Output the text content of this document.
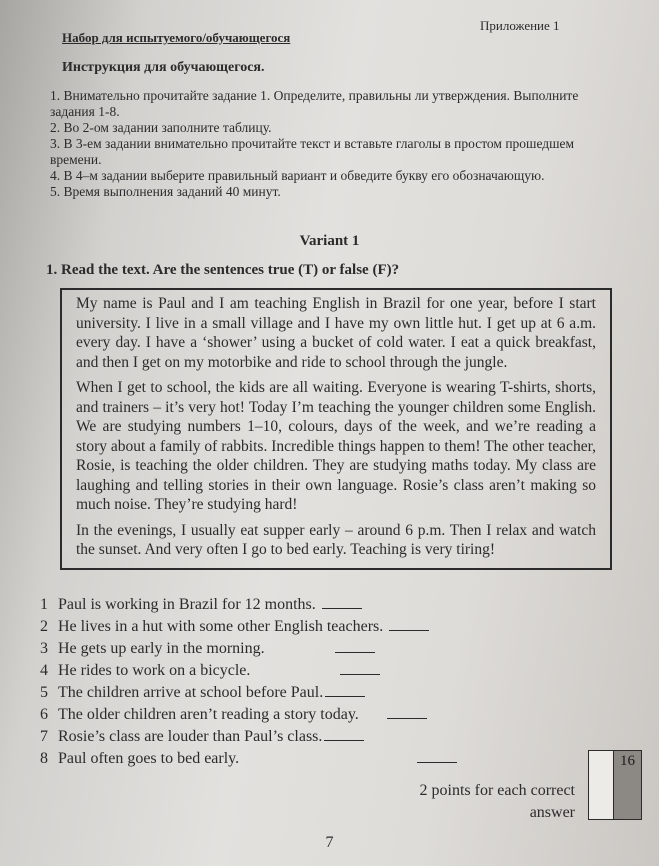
Приложение 1
Набор для испытуемого/обучающегося
Инструкция для обучающегося.
1. Внимательно прочитайте задание 1. Определите, правильны ли утверждения. Выполните задания 1-8.
2. Во 2-ом задании заполните таблицу.
3. В 3-ем задании внимательно прочитайте текст и вставьте глаголы в простом прошедшем времени.
4. В 4–м задании выберите правильный вариант и обведите букву его обозначающую.
5. Время выполнения заданий 40 минут.
Variant 1
1. Read the text. Are the sentences true (T) or false (F)?

My name is Paul and I am teaching English in Brazil for one year, before I start university. I live in a small village and I have my own little hut. I get up at 6 a.m. every day. I have a ‘shower’ using a bucket of cold water. I eat a quick breakfast, and then I get on my motorbike and ride to school through the jungle.

When I get to school, the kids are all waiting. Everyone is wearing T-shirts, shorts, and trainers – it’s very hot! Today I’m teaching the younger children some English. We are studying numbers 1–10, colours, days of the week, and we’re reading a story about a family of rabbits. Incredible things happen to them! The other teacher, Rosie, is teaching the older children. They are studying maths today. My class are laughing and telling stories in their own language. Rosie’s class aren’t making so much noise. They’re studying hard!

In the evenings, I usually eat supper early – around 6 p.m. Then I relax and watch the sunset. And very often I go to bed early. Teaching is very tiring!

1 Paul is working in Brazil for 12 months.
2 He lives in a hut with some other English teachers.
3 He gets up early in the morning.
4 He rides to work on a bicycle.
5 The children arrive at school before Paul.
6 The older children aren’t reading a story today.
7 Rosie’s class are louder than Paul’s class.
8 Paul often goes to bed early.
2 points for each correct
answer
16
7
